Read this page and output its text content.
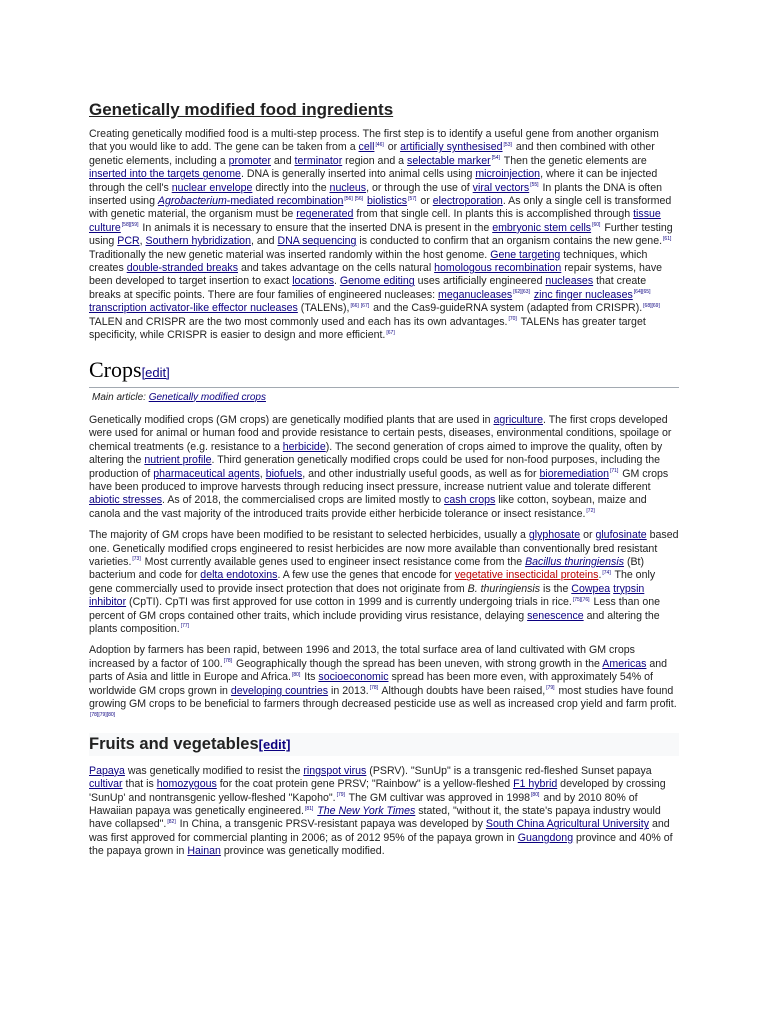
Genetically modified food ingredients

Creating genetically modified food is a multi-step process. The first step is to identify a useful gene from another organism that you would like to add. The gene can be taken from a cell[46] or artificially synthesised[53] and then combined with other genetic elements, including a promoter and terminator region and a selectable marker[54] Then the genetic elements are inserted into the targets genome. DNA is generally inserted into animal cells using microinjection, where it can be injected through the cell's nuclear envelope directly into the nucleus, or through the use of viral vectors[55] In plants the DNA is often inserted using Agrobacterium-mediated recombination[56] [56] biolistics[57] or electroporation. As only a single cell is transformed with genetic material, the organism must be regenerated from that single cell. In plants this is accomplished through tissue culture[58][59] In animals it is necessary to ensure that the inserted DNA is present in the embryonic stem cells[60] Further testing using PCR, Southern hybridization, and DNA sequencing is conducted to confirm that an organism contains the new gene.[61] Traditionally the new genetic material was inserted randomly within the host genome. Gene targeting techniques, which creates double-stranded breaks and takes advantage on the cells natural homologous recombination repair systems, have been developed to target insertion to exact locations. Genome editing uses artificially engineered nucleases that create breaks at specific points. There are four families of engineered nucleases: meganucleases[62][63] zinc finger nucleases[64][65] transcription activator-like effector nucleases (TALENs),[66] [67] and the Cas9-guideRNA system (adapted from CRISPR).[68][69] TALEN and CRISPR are the two most commonly used and each has its own advantages.[70] TALENs has greater target specificity, while CRISPR is easier to design and more efficient.[67]

Crops[edit]
Main article: Genetically modified crops

Genetically modified crops (GM crops) are genetically modified plants that are used in agriculture. The first crops developed were used for animal or human food and provide resistance to certain pests, diseases, environmental conditions, spoilage or chemical treatments (e.g. resistance to a herbicide). The second generation of crops aimed to improve the quality, often by altering the nutrient profile. Third generation genetically modified crops could be used for non-food purposes, including the production of pharmaceutical agents, biofuels, and other industrially useful goods, as well as for bioremediation[71] GM crops have been produced to improve harvests through reducing insect pressure, increase nutrient value and tolerate different abiotic stresses. As of 2018, the commercialised crops are limited mostly to cash crops like cotton, soybean, maize and canola and the vast majority of the introduced traits provide either herbicide tolerance or insect resistance.[72]

The majority of GM crops have been modified to be resistant to selected herbicides, usually a glyphosate or glufosinate based one. Genetically modified crops engineered to resist herbicides are now more available than conventionally bred resistant varieties.[73] Most currently available genes used to engineer insect resistance come from the Bacillus thuringiensis (Bt) bacterium and code for delta endotoxins. A few use the genes that encode for vegetative insecticidal proteins.[74] The only gene commercially used to provide insect protection that does not originate from B. thuringiensis is the Cowpea trypsin inhibitor (CpTI). CpTI was first approved for use cotton in 1999 and is currently undergoing trials in rice.[75][76] Less than one percent of GM crops contained other traits, which include providing virus resistance, delaying senescence and altering the plants composition.[77]

Adoption by farmers has been rapid, between 1996 and 2013, the total surface area of land cultivated with GM crops increased by a factor of 100.[78] Geographically though the spread has been uneven, with strong growth in the Americas and parts of Asia and little in Europe and Africa.[80] Its socioeconomic spread has been more even, with approximately 54% of worldwide GM crops grown in developing countries in 2013.[78] Although doubts have been raised,[79] most studies have found growing GM crops to be beneficial to farmers through decreased pesticide use as well as increased crop yield and farm profit.[78][79][80]

Fruits and vegetables[edit]

Papaya was genetically modified to resist the ringspot virus (PSRV). "SunUp" is a transgenic red-fleshed Sunset papaya cultivar that is homozygous for the coat protein gene PRSV; "Rainbow" is a yellow-fleshed F1 hybrid developed by crossing 'SunUp' and nontransgenic yellow-fleshed "Kapoho".[79] The GM cultivar was approved in 1998[80] and by 2010 80% of Hawaiian papaya was genetically engineered.[81] The New York Times stated, "without it, the state's papaya industry would have collapsed".[82] In China, a transgenic PRSV-resistant papaya was developed by South China Agricultural University and was first approved for commercial planting in 2006; as of 2012 95% of the papaya grown in Guangdong province and 40% of the papaya grown in Hainan province was genetically modified.
